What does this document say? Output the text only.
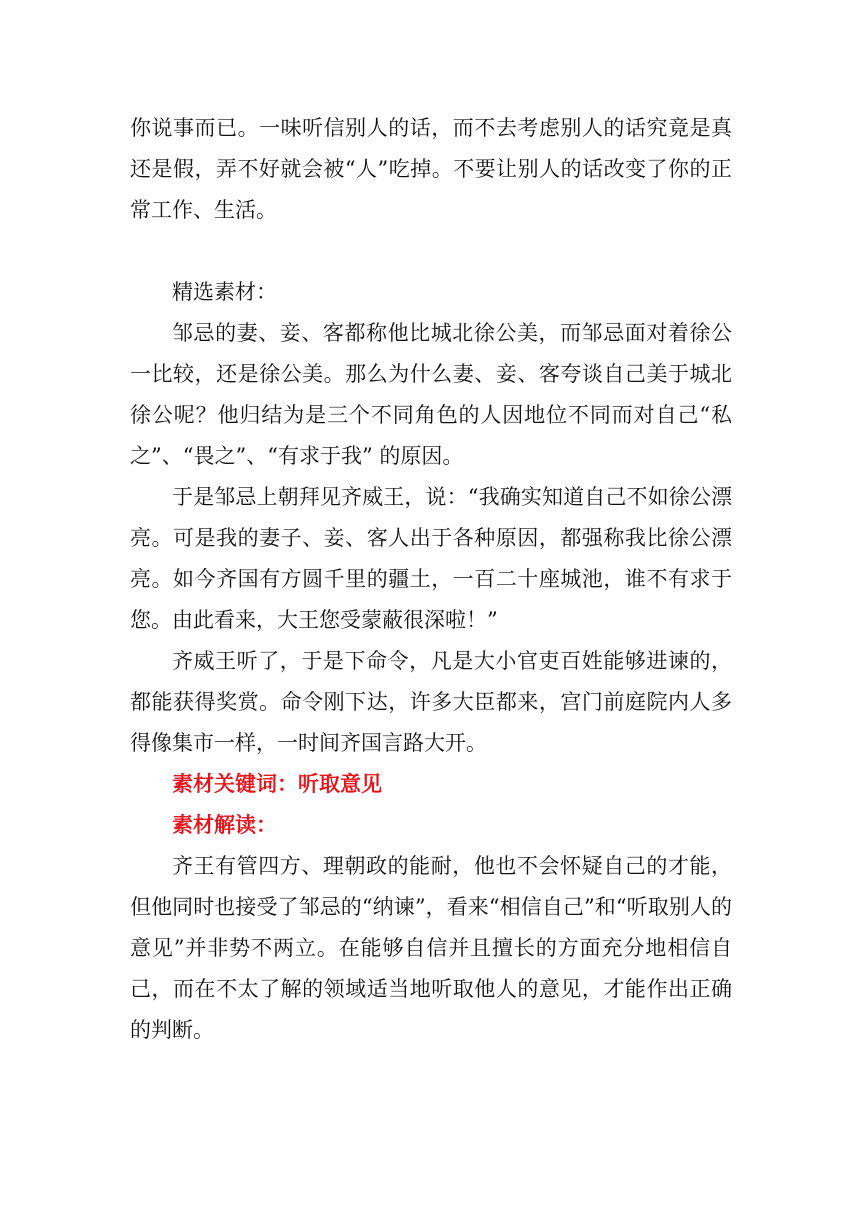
你说事而已。一味听信别人的话，而不去考虑别人的话究竟是真还是假，弄不好就会被“人”吃掉。不要让别人的话改变了你的正常工作、生活。

精选素材：

邹忌的妻、妾、客都称他比城北徐公美，而邹忌面对着徐公一比较，还是徐公美。那么为什么妻、妾、客夸谈自己美于城北徐公呢？他归结为是三个不同角色的人因地位不同而对自己“私之”、“畏之”、“有求于我” 的原因。

于是邹忌上朝拜见齐威王，说：“我确实知道自己不如徐公漂亮。可是我的妻子、妾、客人出于各种原因，都强称我比徐公漂亮。如今齐国有方圆千里的疆土，一百二十座城池，谁不有求于您。由此看来，大王您受蒙蔽很深啦！”

齐威王听了，于是下命令，凡是大小官吏百姓能够进谏的，都能获得奖赏。命令刚下达，许多大臣都来，宫门前庭院内人多得像集市一样，一时间齐国言路大开。

素材关键词：听取意见

素材解读：

齐王有管四方、理朝政的能耐，他也不会怀疑自己的才能，但他同时也接受了邹忌的“纳谏”，看来“相信自己”和“听取别人的意见”并非势不两立。在能够自信并且擅长的方面充分地相信自己，而在不太了解的领域适当地听取他人的意见，才能作出正确的判断。
